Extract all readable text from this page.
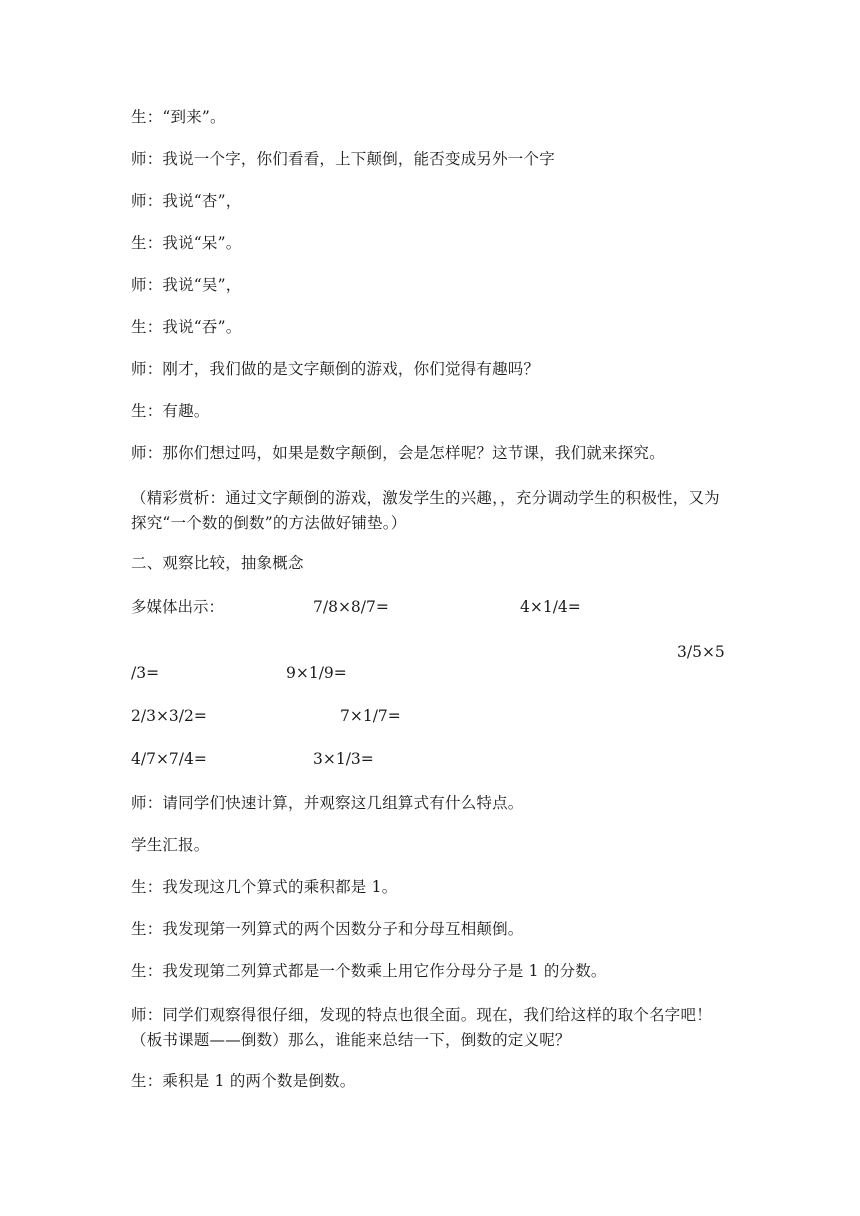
生：“到来”。
师：我说一个字，你们看看，上下颠倒，能否变成另外一个字
师：我说“杏”，
生：我说“呆”。
师：我说“吴”，
生：我说“吞”。
师：刚才，我们做的是文字颠倒的游戏，你们觉得有趣吗？
生：有趣。
师：那你们想过吗，如果是数字颠倒，会是怎样呢？这节课，我们就来探究。
（精彩赏析：通过文字颠倒的游戏，激发学生的兴趣，，充分调动学生的积极性，又为探究“一个数的倒数”的方法做好铺垫。）
二、观察比较，抽象概念
多媒体出示：	7/8×8/7=	4×1/4=
3/5×5
/3=	9×1/9=
2/3×3/2=	7×1/7=
4/7×7/4=	3×1/3=
师：请同学们快速计算，并观察这几组算式有什么特点。
学生汇报。
生：我发现这几个算式的乘积都是 1。
生：我发现第一列算式的两个因数分子和分母互相颠倒。
生：我发现第二列算式都是一个数乘上用它作分母分子是 1 的分数。
师：同学们观察得很仔细，发现的特点也很全面。现在，我们给这样的取个名字吧！（板书课题——倒数）那么，谁能来总结一下，倒数的定义呢？
生：乘积是 1 的两个数是倒数。
